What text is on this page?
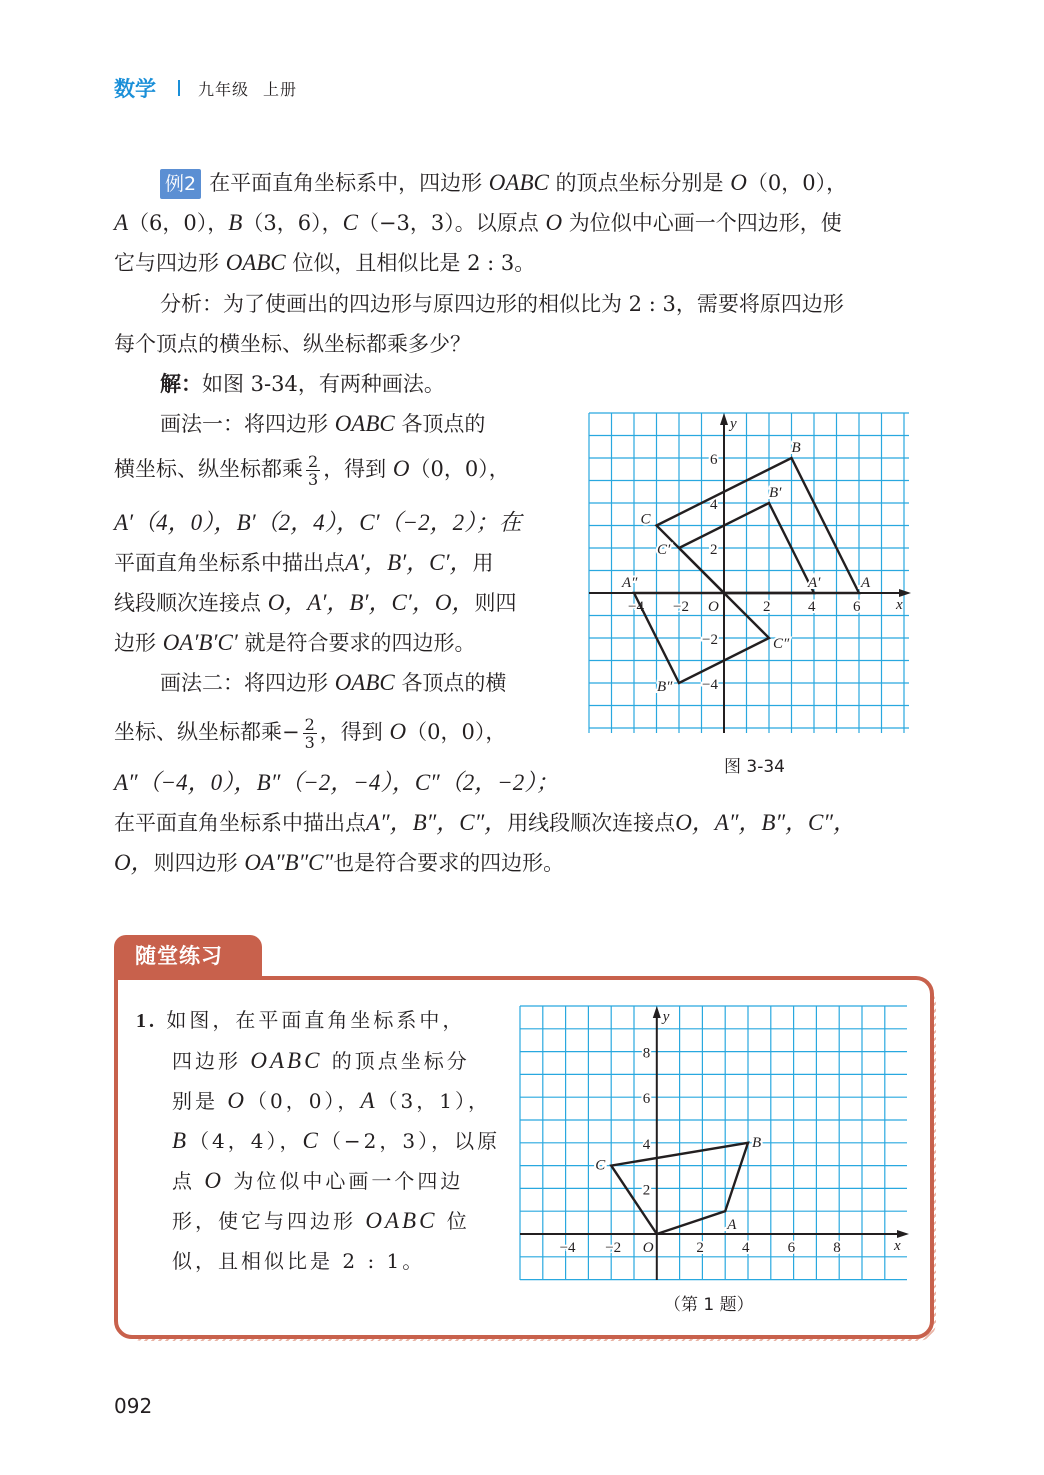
数学	九年级 上册
例2 在平面直角坐标系中，四边形 OABC 的顶点坐标分别是 O（0，0），
A（6，0），B（3，6），C（−3，3）。以原点 O 为位似中心画一个四边形，使
它与四边形 OABC 位似，且相似比是 2 : 3。
分析：为了使画出的四边形与原四边形的相似比为 2 : 3，需要将原四边形
每个顶点的横坐标、纵坐标都乘多少？
解：如图 3-34，有两种画法。
画法一：将四边形 OABC 各顶点的
横坐标、纵坐标都乘 $\frac{2}{3}$ ，得到 O（0，0），
A′（4，0），B′（2，4），C′（−2，2）；在
平面直角坐标系中描出点A′，B′，C′，用
线段顺次连接点 O，A′，B′，C′，O，则四
边形 OA′B′C′ 就是符合要求的四边形。
画法二：将四边形 OABC 各顶点的横
坐标、纵坐标都乘− $\frac{2}{3}$ ，得到 O（0，0），
A″（−4，0），B″（−2，−4），C″（2，−2）；
在平面直角坐标系中描出点A″，B″，C″，用线段顺次连接点O，A″，B″，C″，
O，则四边形 OA″B″C″也是符合要求的四边形。
x
y
−4 −2 O	2	4	6
6
4
2
−2
−4
A
B
C
A′
B′
C′
A″
B″
C″
图 3-34
随堂练习
1. 如图，在平面直角坐标系中，
四边形 OABC 的顶点坐标分
别是 O（0，0），A（3，1），
B（4，4），C（−2，3），以原
点 O 为位似中心画一个四边
形，使它与四边形 OABC 位
似，且相似比是 2 : 1。
x
y
−4 −2 O	2	4	6	8
8
6
4
2
A
B
C
（第 1 题）
092
